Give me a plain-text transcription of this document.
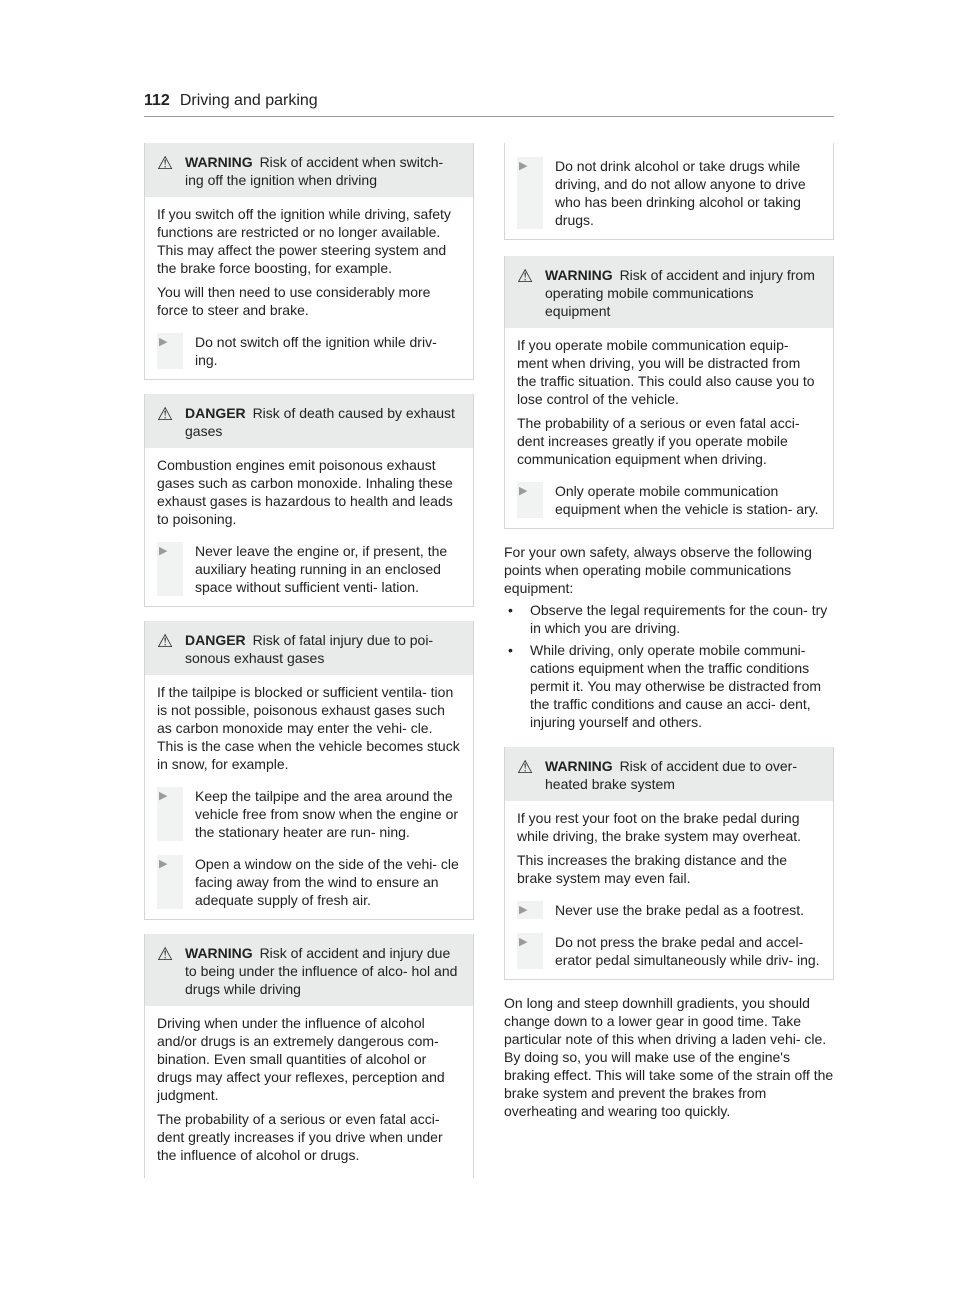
112 Driving and parking
⚠ WARNING Risk of accident when switch- ing off the ignition when driving

If you switch off the ignition while driving, safety functions are restricted or no longer available. This may affect the power steering system and the brake force boosting, for example.

You will then need to use considerably more force to steer and brake.

▶	Do not switch off the ignition while driv- ing.
⚠ DANGER Risk of death caused by exhaust gases

Combustion engines emit poisonous exhaust gases such as carbon monoxide. Inhaling these exhaust gases is hazardous to health and leads to poisoning.

▶	Never leave the engine or, if present, the auxiliary heating running in an enclosed space without sufficient venti- lation.
⚠ DANGER Risk of fatal injury due to poi- sonous exhaust gases

If the tailpipe is blocked or sufficient ventila- tion is not possible, poisonous exhaust gases such as carbon monoxide may enter the vehi- cle. This is the case when the vehicle becomes stuck in snow, for example.

▶	Keep the tailpipe and the area around the vehicle free from snow when the engine or the stationary heater are run- ning.
▶	Open a window on the side of the vehi- cle facing away from the wind to ensure an adequate supply of fresh air.
⚠ WARNING Risk of accident and injury due to being under the influence of alco- hol and drugs while driving

Driving when under the influence of alcohol and/or drugs is an extremely dangerous com- bination. Even small quantities of alcohol or drugs may affect your reflexes, perception and judgment.

The probability of a serious or even fatal acci- dent greatly increases if you drive when under the influence of alcohol or drugs.

▶	Do not drink alcohol or take drugs while driving, and do not allow anyone to drive who has been drinking alcohol or taking drugs.
⚠ WARNING Risk of accident and injury from operating mobile communications equipment

If you operate mobile communication equip- ment when driving, you will be distracted from the traffic situation. This could also cause you to lose control of the vehicle.

The probability of a serious or even fatal acci- dent increases greatly if you operate mobile communication equipment when driving.

▶	Only operate mobile communication equipment when the vehicle is station- ary.

For your own safety, always observe the following points when operating mobile communications equipment:

•	Observe the legal requirements for the coun- try in which you are driving.
•	While driving, only operate mobile communi- cations equipment when the traffic conditions permit it. You may otherwise be distracted from the traffic conditions and cause an acci- dent, injuring yourself and others.
⚠ WARNING Risk of accident due to over- heated brake system

If you rest your foot on the brake pedal during while driving, the brake system may overheat.

This increases the braking distance and the brake system may even fail.

▶	Never use the brake pedal as a footrest.
▶	Do not press the brake pedal and accel- erator pedal simultaneously while driv- ing.

On long and steep downhill gradients, you should change down to a lower gear in good time. Take particular note of this when driving a laden vehi- cle. By doing so, you will make use of the engine's braking effect. This will take some of the strain off the brake system and prevent the brakes from overheating and wearing too quickly.
